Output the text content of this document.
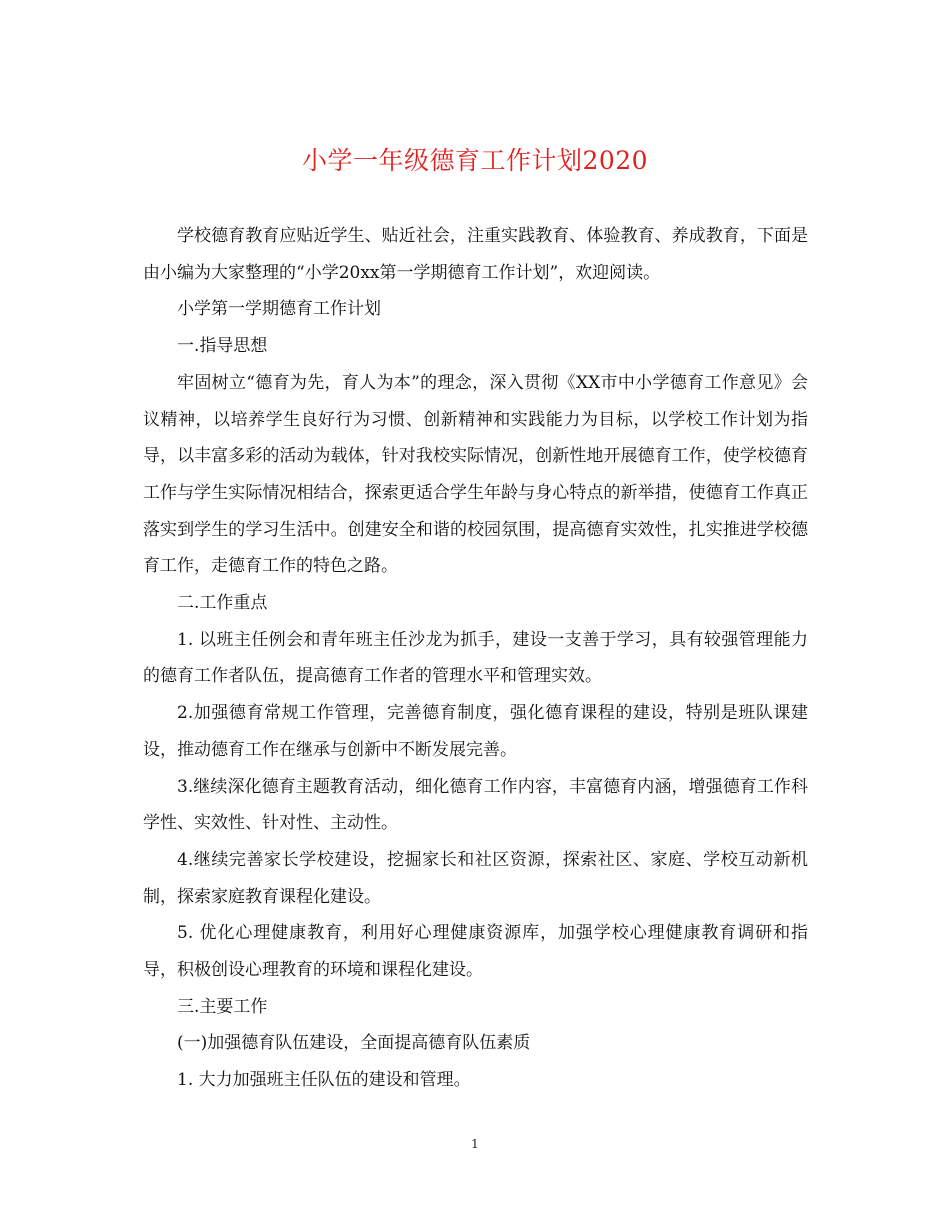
小学一年级德育工作计划2020

学校德育教育应贴近学生、贴近社会，注重实践教育、体验教育、养成教育，下面是由小编为大家整理的“小学20xx第一学期德育工作计划”，欢迎阅读。

小学第一学期德育工作计划

一.指导思想

牢固树立“德育为先，育人为本”的理念，深入贯彻《XX市中小学德育工作意见》会议精神，以培养学生良好行为习惯、创新精神和实践能力为目标，以学校工作计划为指导，以丰富多彩的活动为载体，针对我校实际情况，创新性地开展德育工作，使学校德育工作与学生实际情况相结合，探索更适合学生年龄与身心特点的新举措，使德育工作真正落实到学生的学习生活中。创建安全和谐的校园氛围，提高德育实效性，扎实推进学校德育工作，走德育工作的特色之路。

二.工作重点

1. 以班主任例会和青年班主任沙龙为抓手，建设一支善于学习，具有较强管理能力的德育工作者队伍，提高德育工作者的管理水平和管理实效。

2.加强德育常规工作管理，完善德育制度，强化德育课程的建设，特别是班队课建设，推动德育工作在继承与创新中不断发展完善。

3.继续深化德育主题教育活动，细化德育工作内容，丰富德育内涵，增强德育工作科学性、实效性、针对性、主动性。

4.继续完善家长学校建设，挖掘家长和社区资源，探索社区、家庭、学校互动新机制，探索家庭教育课程化建设。

5. 优化心理健康教育，利用好心理健康资源库，加强学校心理健康教育调研和指导，积极创设心理教育的环境和课程化建设。

三.主要工作

(一)加强德育队伍建设，全面提高德育队伍素质

1. 大力加强班主任队伍的建设和管理。

1
